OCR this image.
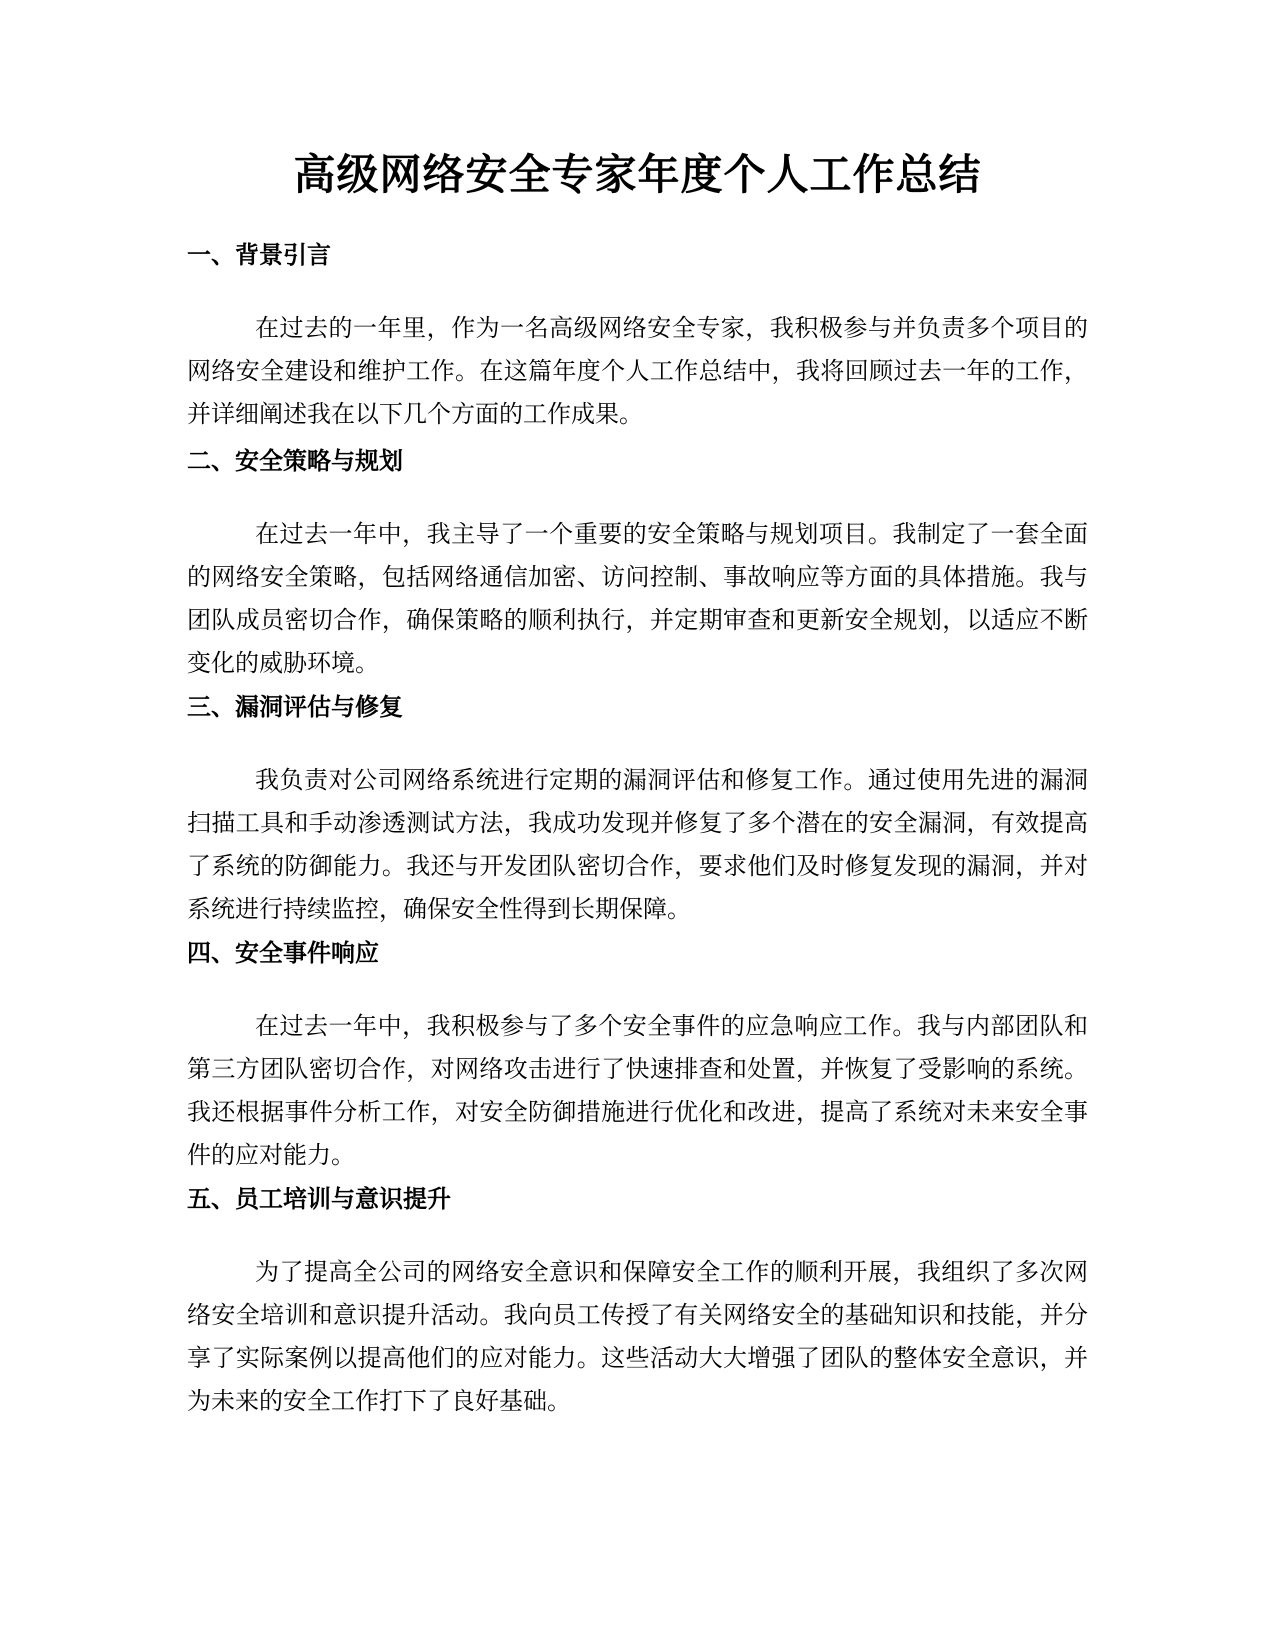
高级网络安全专家年度个人工作总结
一、背景引言

在过去的一年里，作为一名高级网络安全专家，我积极参与并负责多个项目的网络安全建设和维护工作。在这篇年度个人工作总结中，我将回顾过去一年的工作，并详细阐述我在以下几个方面的工作成果。

二、安全策略与规划

在过去一年中，我主导了一个重要的安全策略与规划项目。我制定了一套全面的网络安全策略，包括网络通信加密、访问控制、事故响应等方面的具体措施。我与团队成员密切合作，确保策略的顺利执行，并定期审查和更新安全规划，以适应不断变化的威胁环境。

三、漏洞评估与修复

我负责对公司网络系统进行定期的漏洞评估和修复工作。通过使用先进的漏洞扫描工具和手动渗透测试方法，我成功发现并修复了多个潜在的安全漏洞，有效提高了系统的防御能力。我还与开发团队密切合作，要求他们及时修复发现的漏洞，并对系统进行持续监控，确保安全性得到长期保障。

四、安全事件响应

在过去一年中，我积极参与了多个安全事件的应急响应工作。我与内部团队和第三方团队密切合作，对网络攻击进行了快速排查和处置，并恢复了受影响的系统。我还根据事件分析工作，对安全防御措施进行优化和改进，提高了系统对未来安全事件的应对能力。

五、员工培训与意识提升

为了提高全公司的网络安全意识和保障安全工作的顺利开展，我组织了多次网络安全培训和意识提升活动。我向员工传授了有关网络安全的基础知识和技能，并分享了实际案例以提高他们的应对能力。这些活动大大增强了团队的整体安全意识，并为未来的安全工作打下了良好基础。
